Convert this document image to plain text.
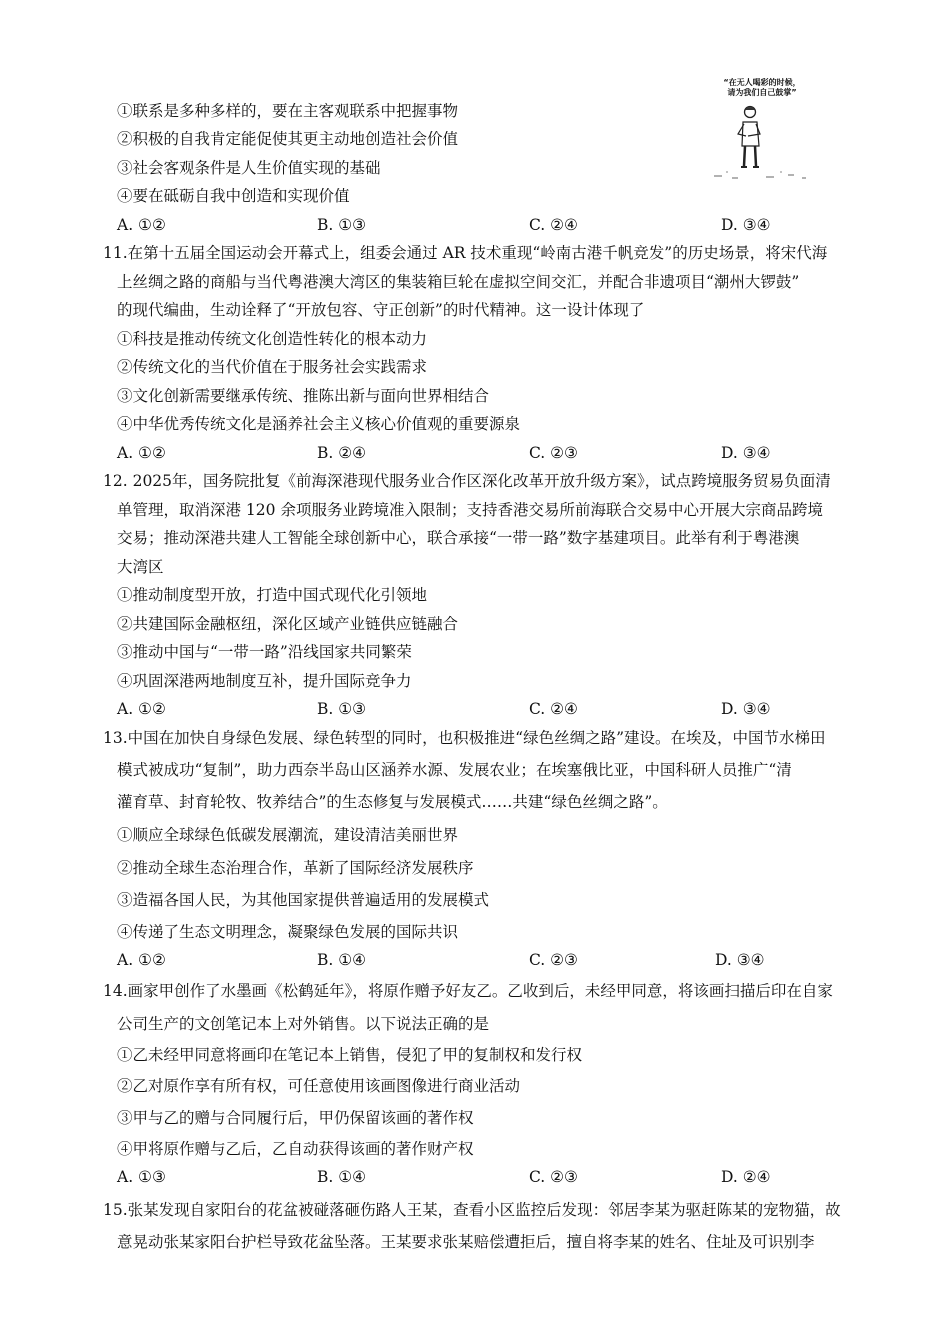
“在无人喝彩的时候，
请为我们自己鼓掌”
①联系是多种多样的，要在主客观联系中把握事物
②积极的自我肯定能促使其更主动地创造社会价值
③社会客观条件是人生价值实现的基础
④要在砥砺自我中创造和实现价值
A. ①②	B. ①③	C. ②④	D. ③④
11.在第十五届全国运动会开幕式上，组委会通过 AR 技术重现“岭南古港千帆竞发”的历史场景，将宋代海
上丝绸之路的商船与当代粤港澳大湾区的集装箱巨轮在虚拟空间交汇，并配合非遗项目“潮州大锣鼓”
的现代编曲，生动诠释了“开放包容、守正创新”的时代精神。这一设计体现了
①科技是推动传统文化创造性转化的根本动力
②传统文化的当代价值在于服务社会实践需求
③文化创新需要继承传统、推陈出新与面向世界相结合
④中华优秀传统文化是涵养社会主义核心价值观的重要源泉
A. ①②	B. ②④	C. ②③	D. ③④
12. 2025年，国务院批复《前海深港现代服务业合作区深化改革开放升级方案》，试点跨境服务贸易负面清
单管理，取消深港 120 余项服务业跨境准入限制；支持香港交易所前海联合交易中心开展大宗商品跨境
交易；推动深港共建人工智能全球创新中心，联合承接“一带一路”数字基建项目。此举有利于粤港澳
大湾区
①推动制度型开放，打造中国式现代化引领地
②共建国际金融枢纽，深化区域产业链供应链融合
③推动中国与“一带一路”沿线国家共同繁荣
④巩固深港两地制度互补，提升国际竞争力
A. ①②	B. ①③	C. ②④	D. ③④
13.中国在加快自身绿色发展、绿色转型的同时，也积极推进“绿色丝绸之路”建设。在埃及，中国节水梯田
模式被成功“复制”，助力西奈半岛山区涵养水源、发展农业；在埃塞俄比亚，中国科研人员推广“清
灌育草、封育轮牧、牧养结合”的生态修复与发展模式……共建“绿色丝绸之路”。
①顺应全球绿色低碳发展潮流，建设清洁美丽世界
②推动全球生态治理合作，革新了国际经济发展秩序
③造福各国人民，为其他国家提供普遍适用的发展模式
④传递了生态文明理念，凝聚绿色发展的国际共识
A. ①②	B. ①④	C. ②③	D. ③④
14.画家甲创作了水墨画《松鹤延年》，将原作赠予好友乙。乙收到后，未经甲同意，将该画扫描后印在自家
公司生产的文创笔记本上对外销售。以下说法正确的是
①乙未经甲同意将画印在笔记本上销售，侵犯了甲的复制权和发行权
②乙对原作享有所有权，可任意使用该画图像进行商业活动
③甲与乙的赠与合同履行后，甲仍保留该画的著作权
④甲将原作赠与乙后，乙自动获得该画的著作财产权
A. ①③	B. ①④	C. ②③	D. ②④
15.张某发现自家阳台的花盆被碰落砸伤路人王某，查看小区监控后发现：邻居李某为驱赶陈某的宠物猫，故
意晃动张某家阳台护栏导致花盆坠落。王某要求张某赔偿遭拒后，擅自将李某的姓名、住址及可识别李
